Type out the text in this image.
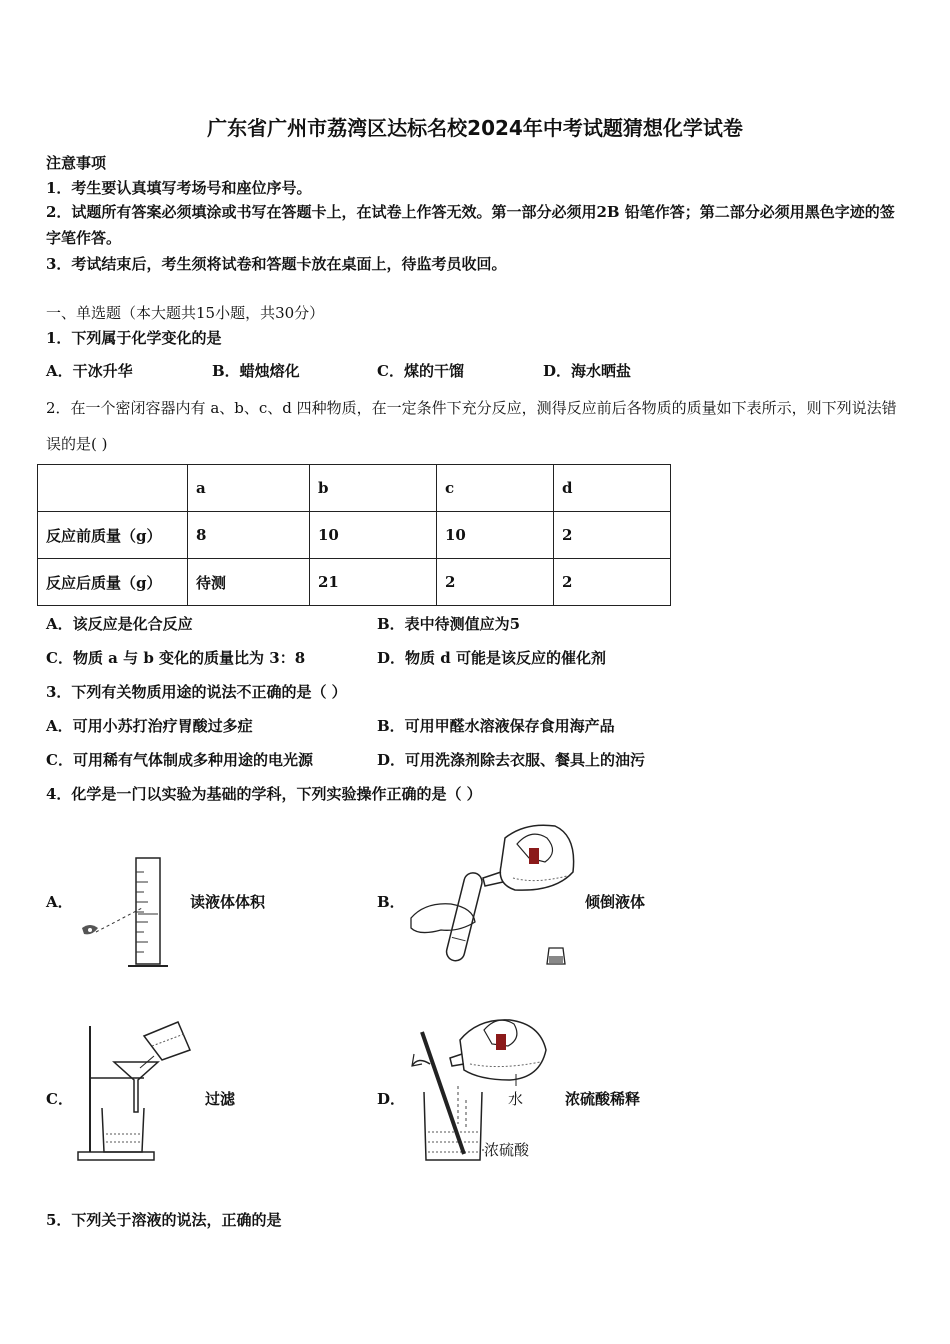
广东省广州市荔湾区达标名校2024年中考试题猜想化学试卷
注意事项
1．考生要认真填写考场号和座位序号。
2．试题所有答案必须填涂或书写在答题卡上，在试卷上作答无效。第一部分必须用2B 铅笔作答；第二部分必须用黑色字迹的签字笔作答。
3．考试结束后，考生须将试卷和答题卡放在桌面上，待监考员收回。
一、单选题（本大题共15小题，共30分）
1．下列属于化学变化的是
A．干冰升华	B．蜡烛熔化	C．煤的干馏	D．海水晒盐
2．在一个密闭容器内有 a、b、c、d 四种物质，在一定条件下充分反应，测得反应前后各物质的质量如下表所示，则下列说法错误的是( )
	a	b	c	d
反应前质量（g）	8	10	10	2
反应后质量（g）	待测	21	2	2
A．该反应是化合反应	B．表中待测值应为5
C．物质 a 与 b 变化的质量比为 3：8	D．物质 d 可能是该反应的催化剂
3．下列有关物质用途的说法不正确的是（ ）
A．可用小苏打治疗胃酸过多症	B．可用甲醛水溶液保存食用海产品
C．可用稀有气体制成多种用途的电光源	D．可用洗涤剂除去衣服、餐具上的油污
4．化学是一门以实验为基础的学科，下列实验操作正确的是（ ）
A．	读液体体积	B．	倾倒液体
C．	过滤	D．	水
浓硫酸
浓硫酸稀释
5．下列关于溶液的说法，正确的是
